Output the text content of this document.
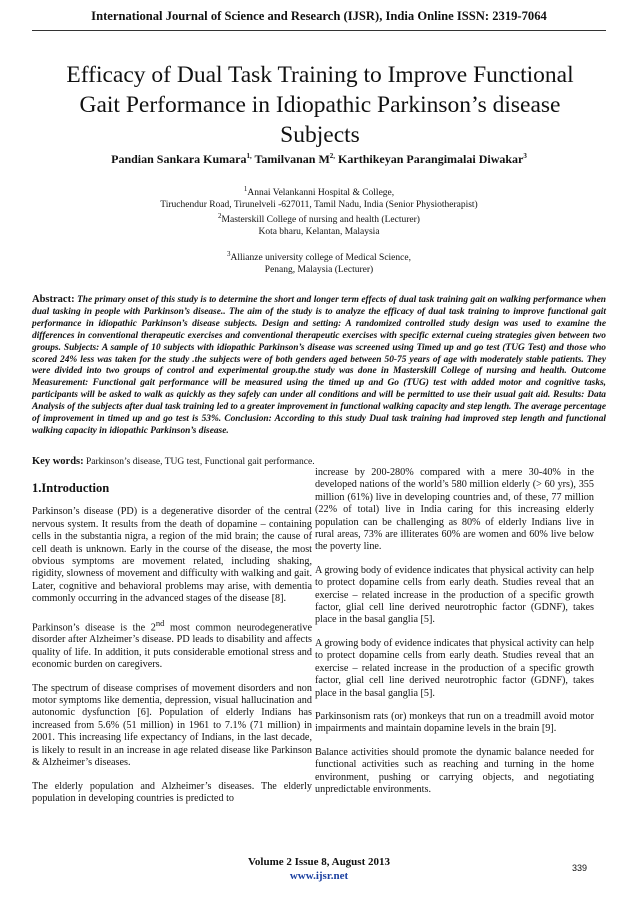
International Journal of Science and Research (IJSR), India Online ISSN: 2319-7064
Efficacy of Dual Task Training to Improve Functional Gait Performance in Idiopathic Parkinson’s disease Subjects
Pandian Sankara Kumara$^{1,}$ Tamilvanan $M^{2,}$ Karthikeyan Parangimalai Diwakar$^3$
$^1$Annai Velankanni Hospital & College,
Tiruchendur Road, Tirunelveli -627011, Tamil Nadu, India (Senior Physiotherapist)
$^2$Masterskill College of nursing and health (Lecturer)
Kota bharu, Kelantan, Malaysia
$^3$Allianze university college of Medical Science,
Penang, Malaysia (Lecturer)
Abstract: The primary onset of this study is to determine the short and longer term effects of dual task training gait on walking performance when dual tasking in people with Parkinson’s disease.. The aim of the study is to analyze the efficacy of dual task training to improve functional gait performance in idiopathic Parkinson’s disease subjects. Design and setting: A randomized controlled study design was used to examine the differences in conventional therapeutic exercises and conventional therapeutic exercises with specific external cueing strategies given between two groups. Subjects: A sample of 10 subjects with idiopathic Parkinson’s disease was screened using Timed up and go test (TUG Test) and those who scored 24% less was taken for the study .the subjects were of both genders aged between 50-75 years of age with moderately stable patients. They were divided into two groups of control and experimental group.the study was done in Masterskill College of nursing and health. Outcome Measurement: Functional gait performance will be measured using the timed up and Go (TUG) test with added motor and cognitive tasks, participants will be asked to walk as quickly as they safely can under all conditions and will be permitted to use their usual gait aid. Results: Data Analysis of the subjects after dual task training led to a greater improvement in functional walking capacity and step length. The average percentage of improvement in timed up and go test is 53%. Conclusion: According to this study Dual task training had improved step length and functional walking capacity in idiopathic Parkinson’s disease.
Key words: Parkinson’s disease, TUG test, Functional gait performance.
1.Introduction

Parkinson’s disease (PD) is a degenerative disorder of the central nervous system. It results from the death of dopamine – containing cells in the substantia nigra, a region of the mid brain; the cause of cell death is unknown. Early in the course of the disease, the most obvious symptoms are movement related, including shaking, rigidity, slowness of movement and difficulty with walking and gait. Later, cognitive and behavioral problems may arise, with dementia commonly occurring in the advanced stages of the disease [8].

Parkinson’s disease is the 2nd most common neurodegenerative disorder after Alzheimer’s disease. PD leads to disability and affects quality of life. In addition, it puts considerable emotional stress and economic burden on caregivers.

The spectrum of disease comprises of movement disorders and non motor symptoms like dementia, depression, visual hallucination and autonomic dysfunction [6]. Population of elderly Indians has increased from 5.6% (51 million) in 1961 to 7.1% (71 million) in 2001. This increasing life expectancy of Indians, in the last decade, is likely to result in an increase in age related disease like Parkinson & Alzheimer’s diseases.

The elderly population and Alzheimer’s diseases. The elderly population in developing countries is predicted to

increase by 200-280% compared with a mere 30-40% in the developed nations of the world’s 580 million elderly (> 60 yrs), 355 million (61%) live in developing countries and, of these, 77 million (22% of total) live in India caring for this increasing elderly population can be challenging as 80% of elderly Indians live in rural areas, 73% are illiterates 60% are women and 60% live below the poverty line.

A growing body of evidence indicates that physical activity can help to protect dopamine cells from early death. Studies reveal that an exercise – related increase in the production of a specific growth factor, glial cell line derived neurotrophic factor (GDNF), takes place in the basal ganglia [5].

A growing body of evidence indicates that physical activity can help to protect dopamine cells from early death. Studies reveal that an exercise – related increase in the production of a specific growth factor, glial cell line derived neurotrophic factor (GDNF), takes place in the basal ganglia [5].

Parkinsonism rats (or) monkeys that run on a treadmill avoid motor impairments and maintain dopamine levels in the brain [9].

Balance activities should promote the dynamic balance needed for functional activities such as reaching and turning in the home environment, pushing or carrying objects, and negotiating unpredictable environments.

Volume 2 Issue 8, August 2013
www.ijsr.net
339
